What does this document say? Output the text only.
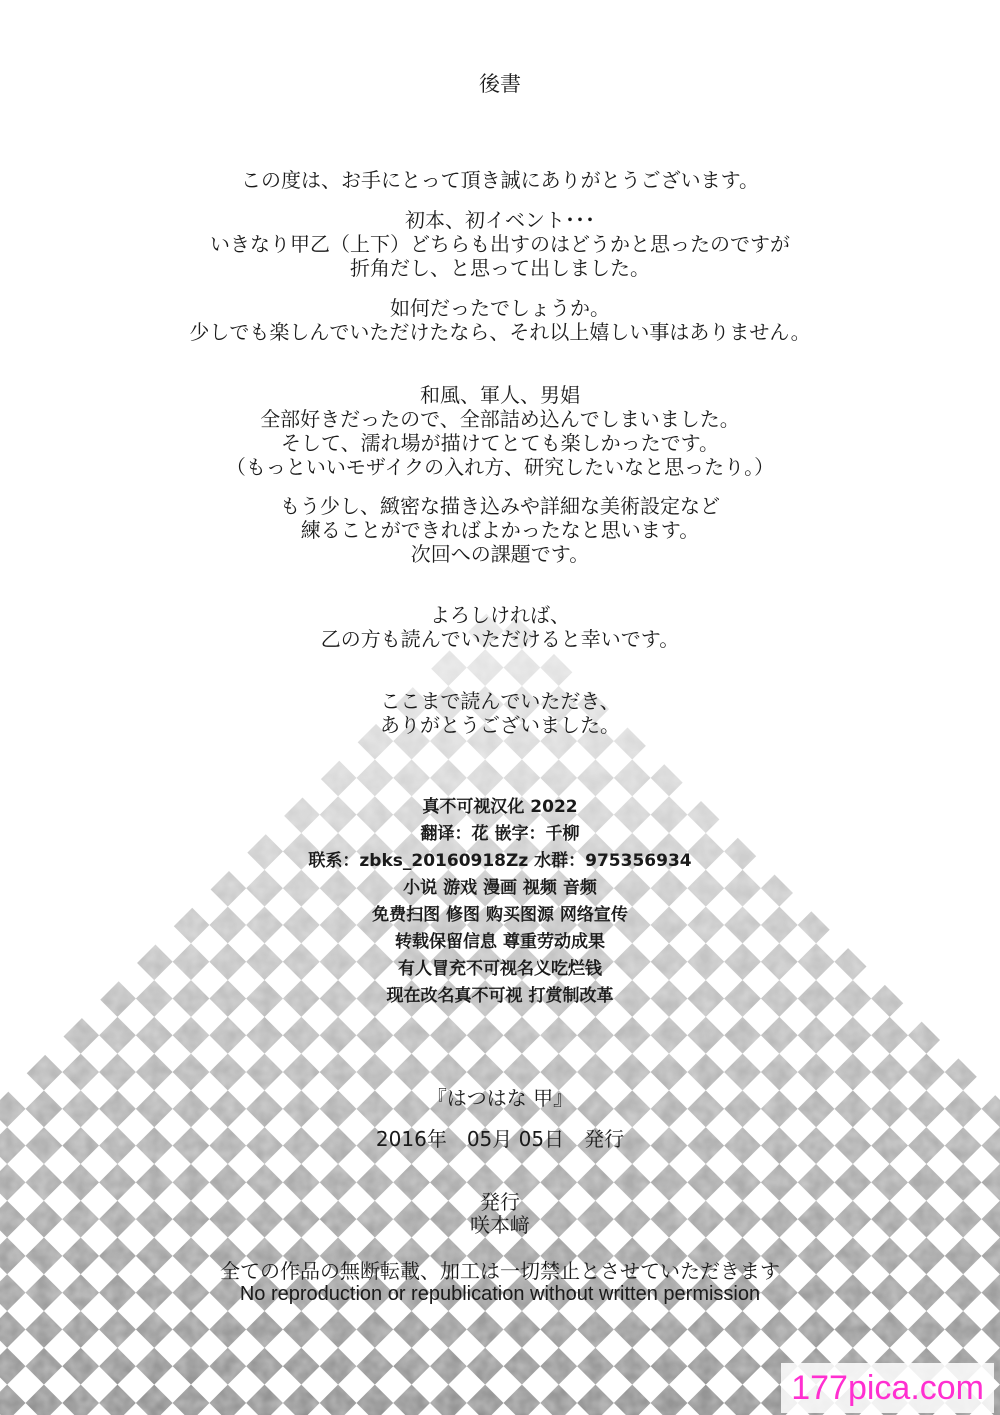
後書
この度は、お手にとって頂き誠にありがとうございます。
初本、初イベント･･･
いきなり甲乙（上下）どちらも出すのはどうかと思ったのですが
折角だし、と思って出しました。
如何だったでしょうか。
少しでも楽しんでいただけたなら、それ以上嬉しい事はありません。
和風、軍人、男娼
全部好きだったので、全部詰め込んでしまいました。
そして、濡れ場が描けてとても楽しかったです。
（もっといいモザイクの入れ方、研究したいなと思ったり。）
もう少し、緻密な描き込みや詳細な美術設定など
練ることができればよかったなと思います。
次回への課題です。
よろしければ、
乙の方も読んでいただけると幸いです。
ここまで読んでいただき、
ありがとうございました。
真不可视汉化 2022
翻译：花 嵌字：千柳
联系：zbks_20160918Zz 水群：975356934
小说 游戏 漫画 视频 音频
免费扫图 修图 购买图源 网络宣传
转载保留信息 尊重劳动成果
有人冒充不可视名义吃烂钱
现在改名真不可视 打赏制改革
『はつはな 甲』
2016年　05月 05日　発行
発行
咲本﨑
全ての作品の無断転載、加工は一切禁止とさせていただきます
No reproduction or republication without written permission
177pica.com
